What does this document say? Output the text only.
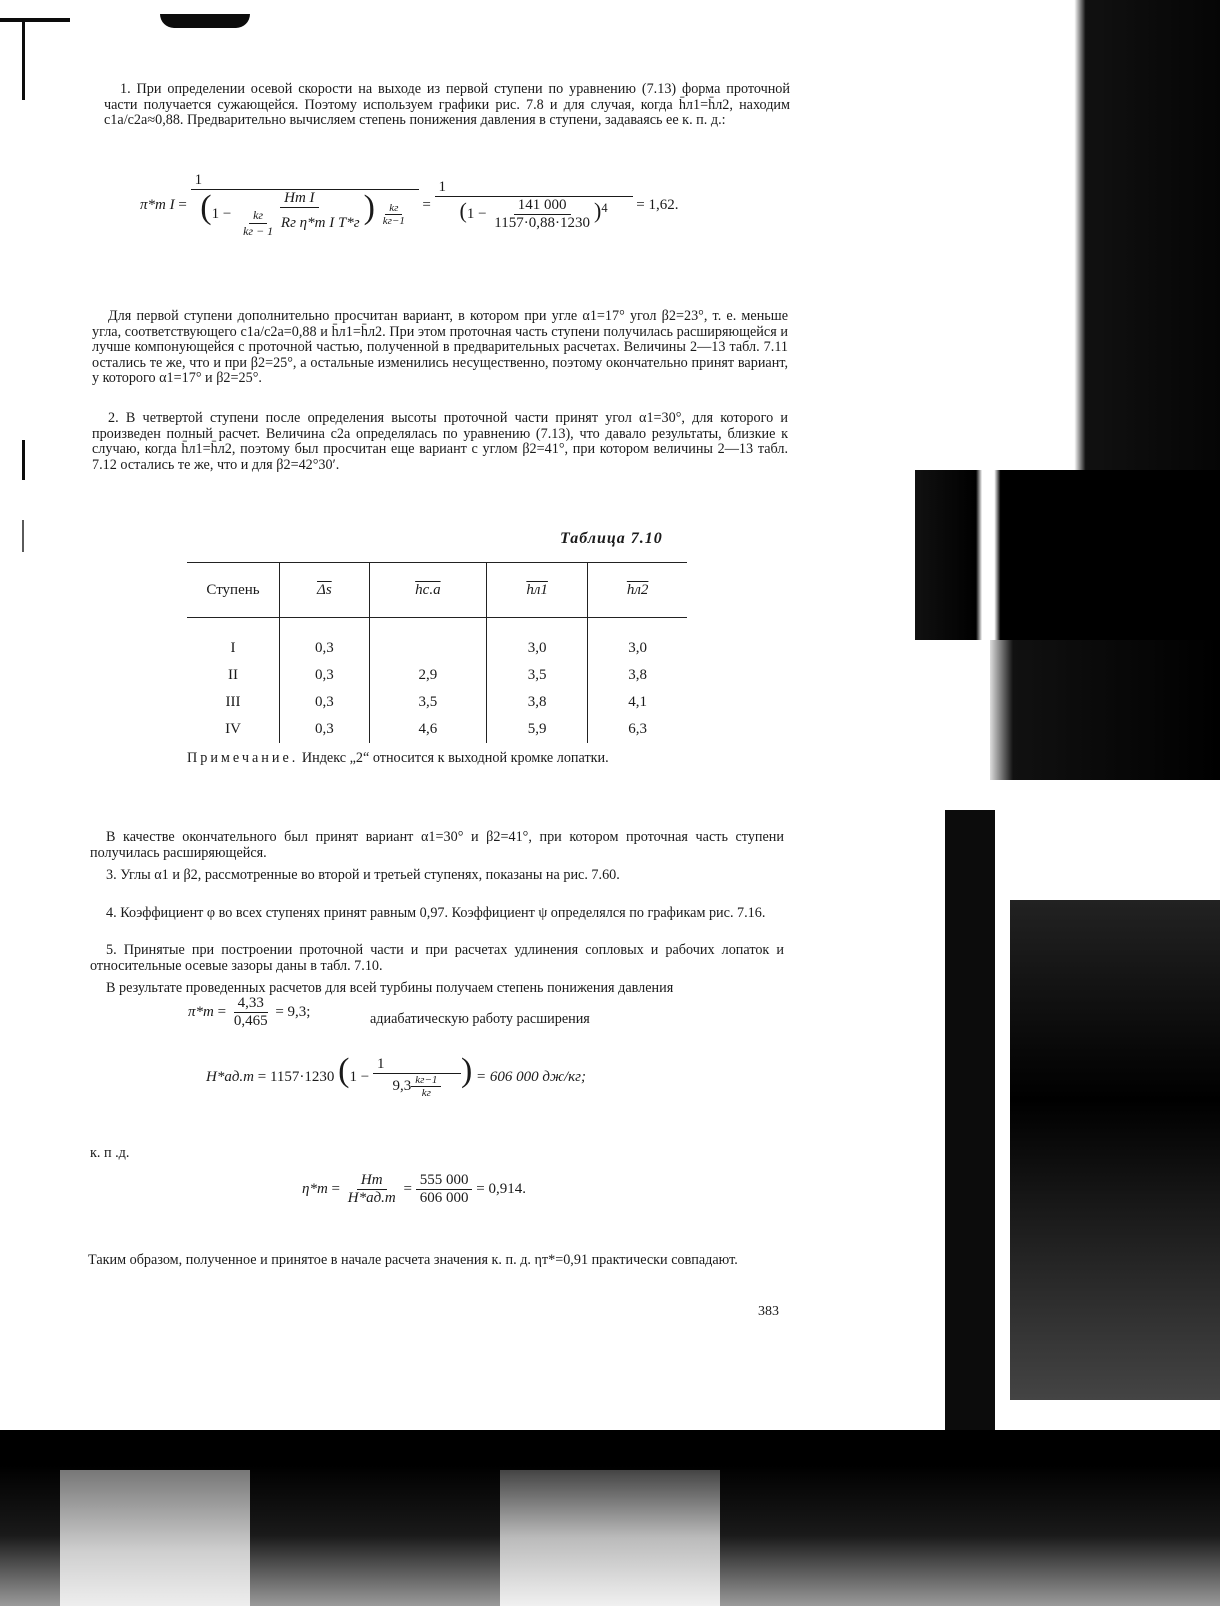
1. При определении осевой скорости на выходе из первой ступени по уравнению (7.13) форма проточной части получается сужающейся. Поэтому используем графики рис. 7.8 и для случая, когда h̄л1=h̄л2, находим c1a/c2a≈0,88. Предварительно вычисляем степень понижения давления в ступени, задаваясь ее к. п. д.:
π*т I =
1
($1 - \frac{\text{Hт I}}{\frac{kг}{kг - 1} Rг \eta*т I T*г}$ ) $\frac{kг}{kг-1} = \frac{1}{(1 - \frac{141 000}{1157\cdot 0,88\cdot 1230} )^4} = 1,62$.
Для первой ступени дополнительно просчитан вариант, в котором при угле α1=17° угол β2=23°, т. е. меньше угла, соответствующего c1a/c2a=0,88 и h̄л1=h̄л2. При этом проточная часть ступени получилась расширяющейся и лучше компонующейся с проточной частью, полученной в предварительных расчетах. Величины 2—13 табл. 7.11 остались те же, что и при β2=25°, а остальные изменились несущественно, поэтому окончательно принят вариант, у которого α1=17° и β2=25°.
2. В четвертой ступени после определения высоты проточной части принят угол α1=30°, для которого и произведен полный расчет. Величина c2a определялась по уравнению (7.13), что давало результаты, близкие к случаю, когда h̄л1=h̄л2, поэтому был просчитан еще вариант с углом β2=41°, при котором величины 2—13 табл. 7.12 остались те же, что и для β2=42°30′.
Таблица 7.10
Ступень	$\overline{\Delta s}$	hс.а	hл1	hл2
I	0,3		3,0	3,0
II	0,3	2,9	3,5	3,8
III	0,3	3,5	3,8	4,1
IV	0,3	4,6	5,9	6,3
Примечание. Индекс „2“ относится к выходной кромке лопатки.
В качестве окончательного был принят вариант α1=30° и β2=41°, при котором проточная часть ступени получилась расширяющейся.
3. Углы α1 и β2, рассмотренные во второй и третьей ступенях, показаны на рис. 7.60.
4. Коэффициент φ во всех ступенях принят равным 0,97. Коэффициент ψ определялся по графикам рис. 7.16.
5. Принятые при построении проточной части и при расчетах удлинения сопловых и рабочих лопаток и относительные осевые зазоры даны в табл. 7.10.
В результате проведенных расчетов для всей турбины получаем степень понижения давления
$\pi*т = \frac{4,33}{0,465} = 9,3$;	адиабатическую работу расширения
H*ад.т = 1157·1230 ($1 - \frac{1}{9,3 \frac{kг-1}{kг}}$ ) = 606 000 дж/кг;
к. п .д.
$\eta*т = \frac{Hт}{H*ад.т} = \frac{555 000}{606 000} = 0,914$.
Таким образом, полученное и принятое в начале расчета значения к. п. д. ηт*=0,91 практически совпадают.
383
